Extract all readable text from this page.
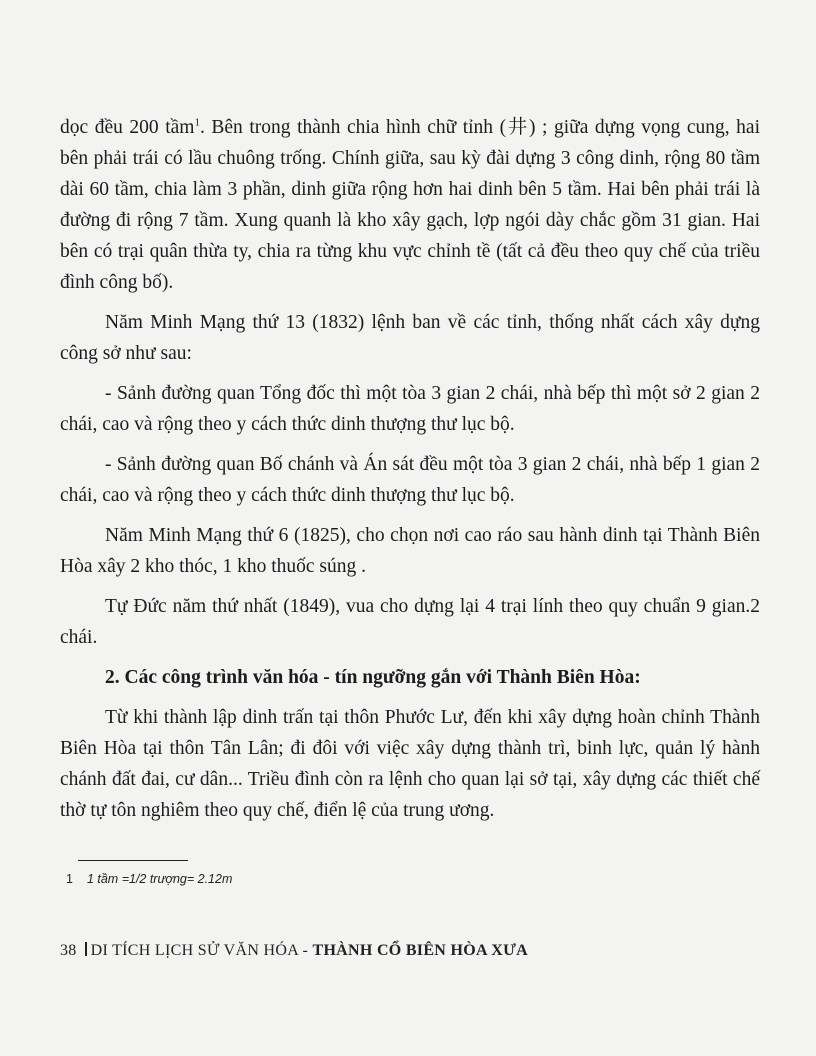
dọc đều 200 tầm$^1$. Bên trong thành chia hình chữ tỉnh (井) ; giữa dựng vọng cung, hai bên phải trái có lầu chuông trống. Chính giữa, sau kỳ đài dựng 3 công dinh, rộng 80 tầm dài 60 tầm, chia làm 3 phần, dinh giữa rộng hơn hai dinh bên 5 tầm. Hai bên phải trái là đường đi rộng 7 tầm. Xung quanh là kho xây gạch, lợp ngói dày chắc gồm 31 gian. Hai bên có trại quân thừa ty, chia ra từng khu vực chỉnh tề (tất cả đều theo quy chế của triều đình công bố).

Năm Minh Mạng thứ 13 (1832) lệnh ban về các tỉnh, thống nhất cách xây dựng công sở như sau:

- Sảnh đường quan Tổng đốc thì một tòa 3 gian 2 chái, nhà bếp thì một sở 2 gian 2 chái, cao và rộng theo y cách thức dinh thượng thư lục bộ.

- Sảnh đường quan Bố chánh và Án sát đều một tòa 3 gian 2 chái, nhà bếp 1 gian 2 chái, cao và rộng theo y cách thức dinh thượng thư lục bộ.

Năm Minh Mạng thứ 6 (1825), cho chọn nơi cao ráo sau hành dinh tại Thành Biên Hòa xây 2 kho thóc, 1 kho thuốc súng .

Tự Đức năm thứ nhất (1849), vua cho dựng lại 4 trại lính theo quy chuẩn 9 gian.2 chái.

2. Các công trình văn hóa - tín ngưỡng gắn với Thành Biên Hòa:

Từ khi thành lập dinh trấn tại thôn Phước Lư, đến khi xây dựng hoàn chỉnh Thành Biên Hòa tại thôn Tân Lân; đi đôi với việc xây dựng thành trì, binh lực, quản lý hành chánh đất đai, cư dân... Triều đình còn ra lệnh cho quan lại sở tại, xây dựng các thiết chế thờ tự tôn nghiêm theo quy chế, điển lệ của trung ương.

1 1 tầm =1/2 trượng= 2.12m
38 DI TÍCH LỊCH SỬ VĂN HÓA - THÀNH CỔ BIÊN HÒA XƯA
